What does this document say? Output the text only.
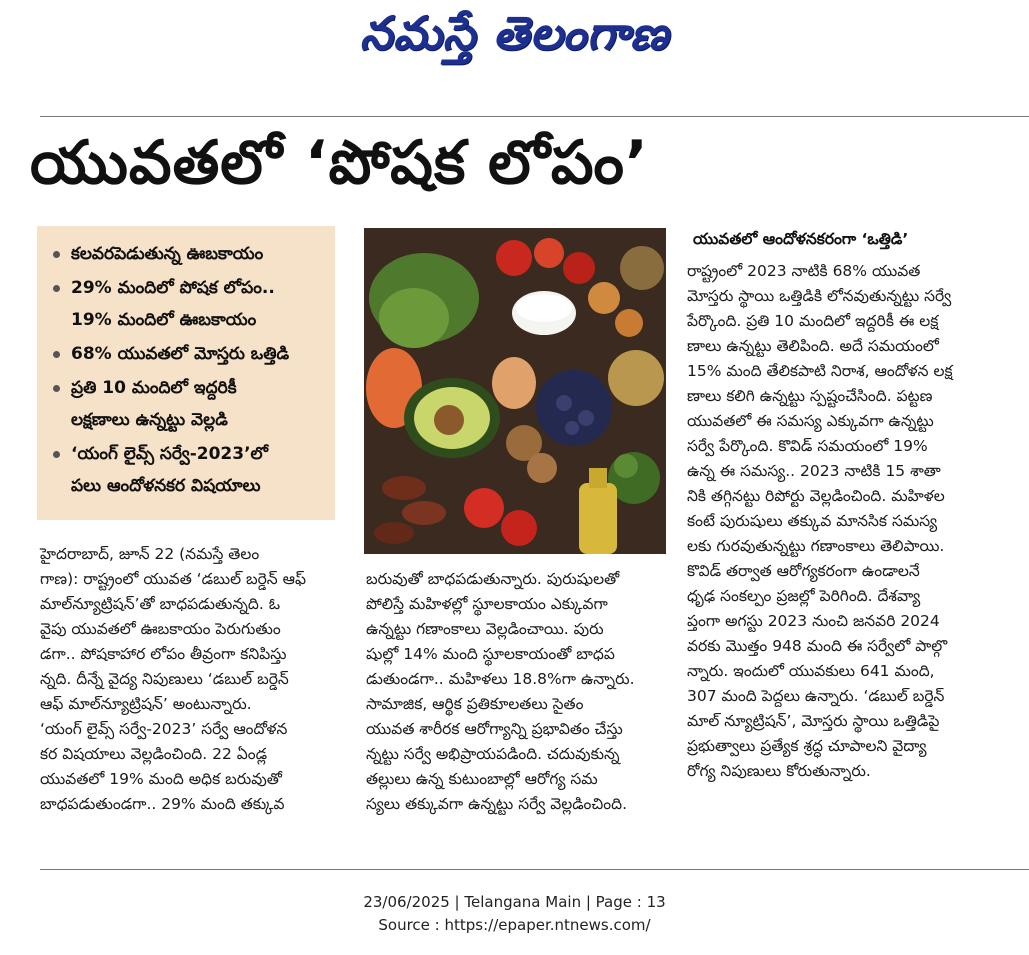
నమస్తే తెలంగాణ
యువతలో ‘పోషక లోపం’
కలవరపెడుతున్న ఊబకాయం
29% మందిలో పోషక లోపం..
19% మందిలో ఊబకాయం
68% యువతలో మోస్తరు ఒత్తిడి
ప్రతి 10 మందిలో ఇద్దరికీ
లక్షణాలు ఉన్నట్టు వెల్లడి
‘యంగ్ లైవ్స్ సర్వే-2023’లో
పలు ఆందోళనకర విషయాలు

హైదరాబాద్, జూన్ 22 (నమస్తే తెలం
గాణ): రాష్ట్రంలో యువత ‘డబుల్ బర్డెన్ ఆఫ్
మాల్‌న్యూట్రిషన్’తో బాధపడుతున్నది. ఓ
వైపు యువతలో ఊబకాయం పెరుగుతుం
డగా.. పోషకాహార లోపం తీవ్రంగా కనిపిస్తు
న్నది. దీన్నే వైద్య నిపుణులు ‘డబుల్ బర్డెన్
ఆఫ్ మాల్‌న్యూట్రిషన్’ అంటున్నారు.
‘యంగ్ లైవ్స్ సర్వే-2023’ సర్వే ఆందోళన
కర విషయాలు వెల్లడించింది. 22 ఏండ్ల
యువతలో 19% మంది అధిక బరువుతో
బాధపడుతుండగా.. 29% మంది తక్కువ

బరువుతో బాధపడుతున్నారు. పురుషులతో
పోలిస్తే మహిళల్లో స్థూలకాయం ఎక్కువగా
ఉన్నట్టు గణాంకాలు వెల్లడించాయి. పురు
షుల్లో 14% మంది స్థూలకాయంతో బాధప
డుతుండగా.. మహిళలు 18.8%గా ఉన్నారు.
సామాజిక, ఆర్థిక ప్రతికూలతలు సైతం
యువత శారీరక ఆరోగ్యాన్ని ప్రభావితం చేస్తు
న్నట్టు సర్వే అభిప్రాయపడింది. చదువుకున్న
తల్లులు ఉన్న కుటుంబాల్లో ఆరోగ్య సమ
స్యలు తక్కువగా ఉన్నట్టు సర్వే వెల్లడించింది.

యువతలో ఆందోళనకరంగా ‘ఒత్తిడి’

రాష్ట్రంలో 2023 నాటికి 68% యువత
మోస్తరు స్థాయి ఒత్తిడికి లోనవుతున్నట్టు సర్వే
పేర్కొంది. ప్రతి 10 మందిలో ఇద్దరికీ ఈ లక్ష
ణాలు ఉన్నట్టు తెలిపింది. అదే సమయంలో
15% మంది తేలికపాటి నిరాశ, ఆందోళన లక్ష
ణాలు కలిగి ఉన్నట్టు స్పష్టంచేసింది. పట్టణ
యువతలో ఈ సమస్య ఎక్కువగా ఉన్నట్టు
సర్వే పేర్కొంది. కొవిడ్ సమయంలో 19%
ఉన్న ఈ సమస్య.. 2023 నాటికి 15 శాతా
నికి తగ్గినట్టు రిపోర్టు వెల్లడించింది. మహిళల
కంటే పురుషులు తక్కువ మానసిక సమస్య
లకు గురవుతున్నట్టు గణాంకాలు తెలిపాయి.
కొవిడ్ తర్వాత ఆరోగ్యకరంగా ఉండాలనే
ధృఢ సంకల్పం ప్రజల్లో పెరిగింది. దేశవ్యా
ప్తంగా అగస్టు 2023 నుంచి జనవరి 2024
వరకు మొత్తం 948 మంది ఈ సర్వేలో పాల్గొ
న్నారు. ఇందులో యువకులు 641 మంది,
307 మంది పెద్దలు ఉన్నారు. ‘డబుల్ బర్డెన్
మాల్ న్యూట్రిషన్’, మోస్తరు స్థాయి ఒత్తిడిపై
ప్రభుత్వాలు ప్రత్యేక శ్రద్ధ చూపాలని వైద్యా
రోగ్య నిపుణులు కోరుతున్నారు.

23/06/2025 | Telangana Main | Page : 13
Source : https://epaper.ntnews.com/
